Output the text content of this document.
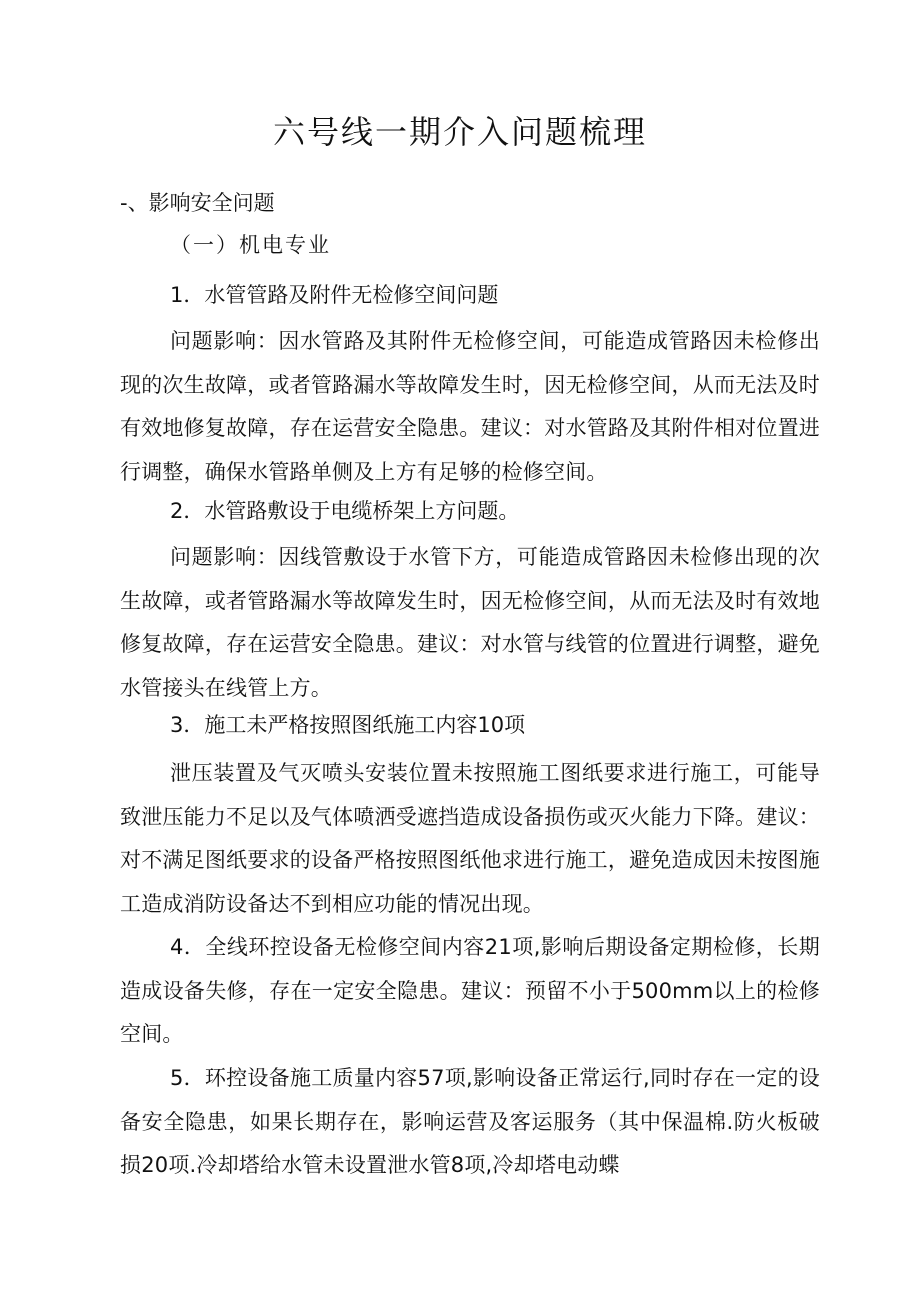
六号线一期介入问题梳理

-、影响安全问题

（一）机电专业

1．水管管路及附件无检修空间问题

问题影响：因水管路及其附件无检修空间，可能造成管路因未检修出现的次生故障，或者管路漏水等故障发生时，因无检修空间，从而无法及时有效地修复故障，存在运营安全隐患。建议：对水管路及其附件相对位置进行调整，确保水管路单侧及上方有足够的检修空间。

2．水管路敷设于电缆桥架上方问题。

问题影响：因线管敷设于水管下方，可能造成管路因未检修出现的次生故障，或者管路漏水等故障发生时，因无检修空间，从而无法及时有效地修复故障，存在运营安全隐患。建议：对水管与线管的位置进行调整，避免水管接头在线管上方。

3．施工未严格按照图纸施工内容10项

泄压装置及气灭喷头安装位置未按照施工图纸要求进行施工，可能导致泄压能力不足以及气体喷洒受遮挡造成设备损伤或灭火能力下降。建议：对不满足图纸要求的设备严格按照图纸他求进行施工，避免造成因未按图施工造成消防设备达不到相应功能的情况出现。

4．全线环控设备无检修空间内容21项,影响后期设备定期检修，长期造成设备失修，存在一定安全隐患。建议：预留不小于500mm以上的检修空间。

5．环控设备施工质量内容57项,影响设备正常运行,同时存在一定的设备安全隐患，如果长期存在，影响运营及客运服务（其中保温棉.防火板破损20项.冷却塔给水管未设置泄水管8项,冷却塔电动蝶
